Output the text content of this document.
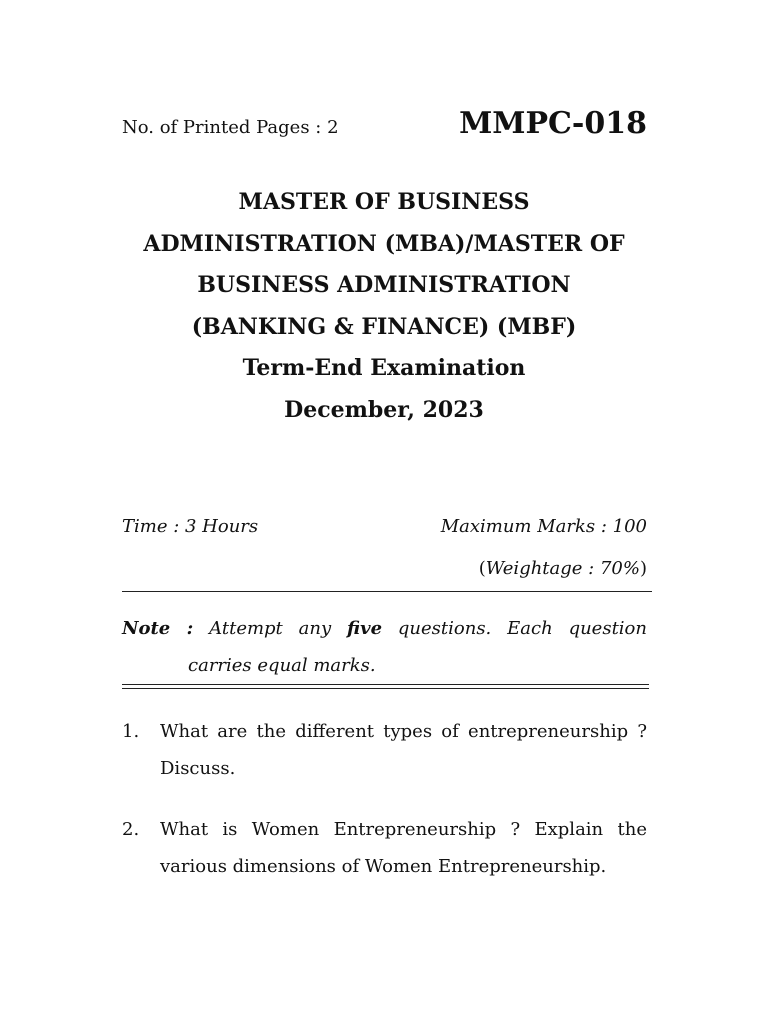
No. of Printed Pages : 2	MMPC-018
MASTER OF BUSINESS
ADMINISTRATION (MBA)/MASTER OF
BUSINESS ADMINISTRATION
(BANKING & FINANCE) (MBF)
Term-End Examination
December, 2023
Time : 3 Hours	Maximum Marks : 100
(Weightage : 70%)
Note : Attempt any five questions. Each question
carries equal marks.
1. What are the different types of entrepreneurship ? Discuss.
2. What is Women Entrepreneurship ? Explain the various dimensions of Women Entrepreneurship.
